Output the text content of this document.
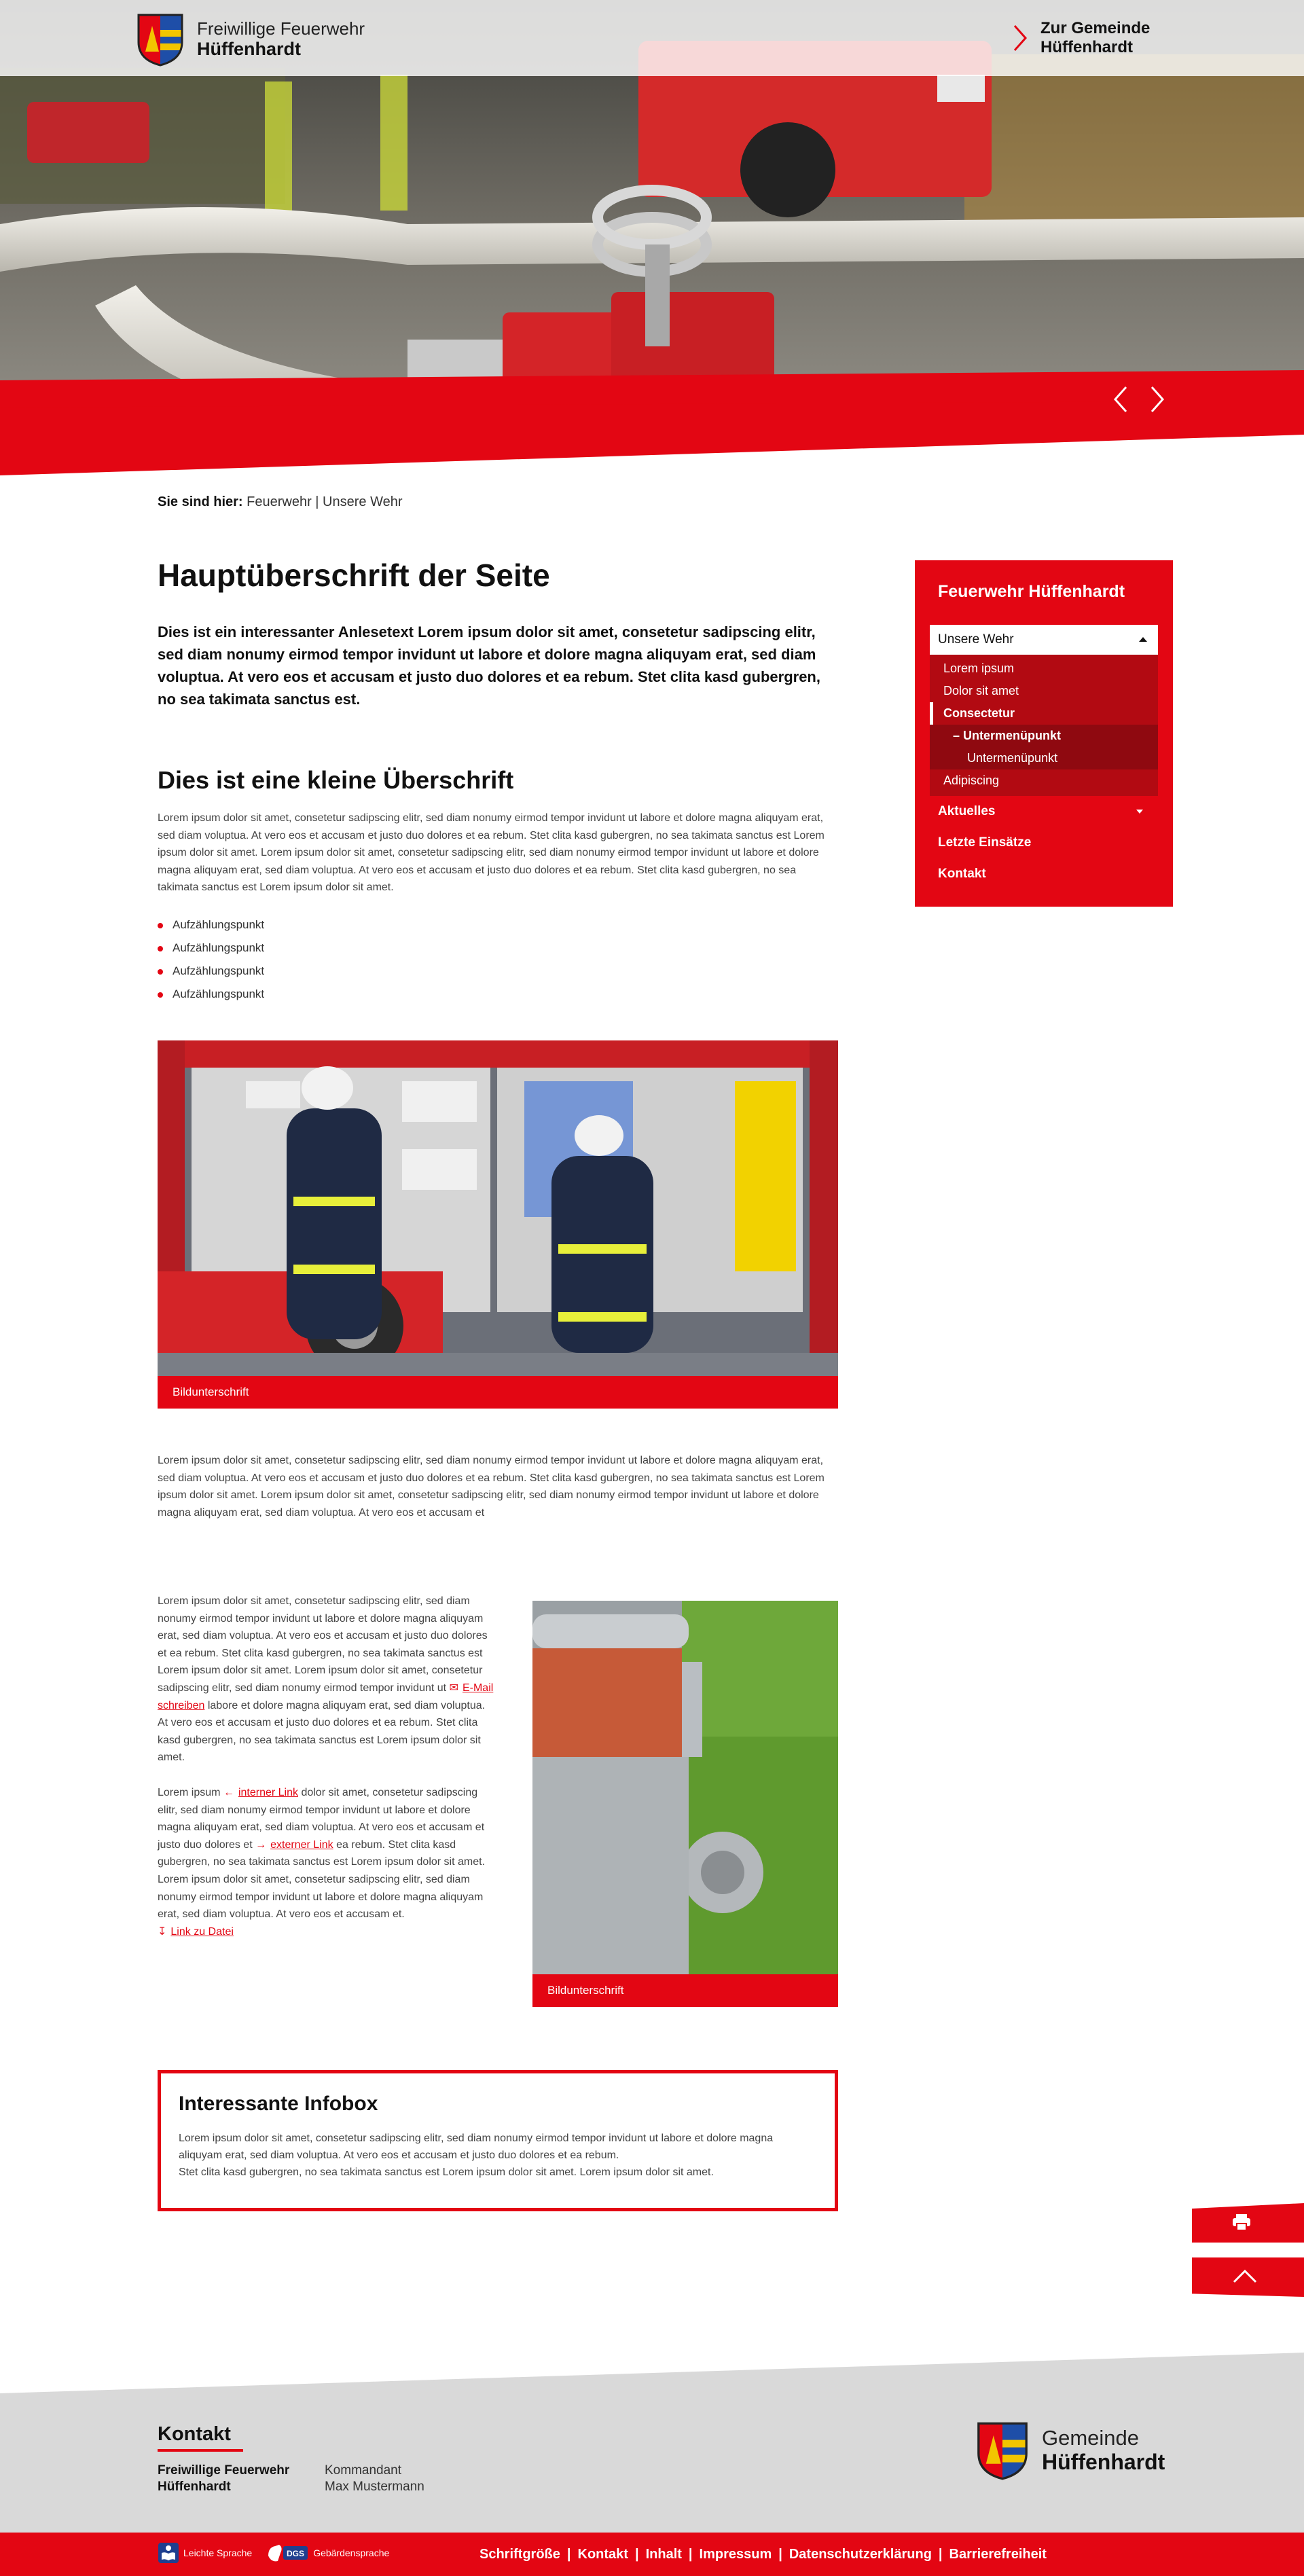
Freiwillige Feuerwehr
Hüffenhardt
Zur Gemeinde
Hüffenhardt
Sie sind hier: Feuerwehr | Unsere Wehr
Hauptüberschrift der Seite

Dies ist ein interessanter Anlesetext Lorem ipsum dolor sit amet, consetetur sadipscing elitr, sed diam nonumy eirmod tempor invidunt ut labore et dolore magna aliquyam erat, sed diam voluptua. At vero eos et accusam et justo duo dolores et ea rebum. Stet clita kasd gubergren, no sea takimata sanctus est.

Dies ist eine kleine Überschrift

Lorem ipsum dolor sit amet, consetetur sadipscing elitr, sed diam nonumy eirmod tempor invidunt ut labore et dolore magna aliquyam erat, sed diam voluptua. At vero eos et accusam et justo duo dolores et ea rebum. Stet clita kasd gubergren, no sea takimata sanctus est Lorem ipsum dolor sit amet. Lorem ipsum dolor sit amet, consetetur sadipscing elitr, sed diam nonumy eirmod tempor invidunt ut labore et dolore magna aliquyam erat, sed diam voluptua. At vero eos et accusam et justo duo dolores et ea rebum. Stet clita kasd gubergren, no sea takimata sanctus est Lorem ipsum dolor sit amet.

Aufzählungspunkt
Aufzählungspunkt
Aufzählungspunkt
Aufzählungspunkt
Bildunterschrift

Lorem ipsum dolor sit amet, consetetur sadipscing elitr, sed diam nonumy eirmod tempor invidunt ut labore et dolore magna aliquyam erat, sed diam voluptua. At vero eos et accusam et justo duo dolores et ea rebum. Stet clita kasd gubergren, no sea takimata sanctus est Lorem ipsum dolor sit amet. Lorem ipsum dolor sit amet, consetetur sadipscing elitr, sed diam nonumy eirmod tempor invidunt ut labore et dolore magna aliquyam erat, sed diam voluptua. At vero eos et accusam et

Lorem ipsum dolor sit amet, consetetur sadipscing elitr, sed diam nonumy eirmod tempor invidunt ut labore et dolore magna aliquyam erat, sed diam voluptua. At vero eos et accusam et justo duo dolores et ea rebum. Stet clita kasd gubergren, no sea takimata sanctus est Lorem ipsum dolor sit amet. Lorem ipsum dolor sit amet, consetetur sadipscing elitr, sed diam nonumy eirmod tempor invidunt ut ✉ E-Mail schreiben labore et dolore magna aliquyam erat, sed diam voluptua. At vero eos et accusam et justo duo dolores et ea rebum. Stet clita kasd gubergren, no sea takimata sanctus est Lorem ipsum dolor sit amet.

Lorem ipsum ← interner Link dolor sit amet, consetetur sadipscing elitr, sed diam nonumy eirmod tempor invidunt ut labore et dolore magna aliquyam erat, sed diam voluptua. At vero eos et accusam et justo duo dolores et → externer Link ea rebum. Stet clita kasd gubergren, no sea takimata sanctus est Lorem ipsum dolor sit amet. Lorem ipsum dolor sit amet, consetetur sadipscing elitr, sed diam nonumy eirmod tempor invidunt ut labore et dolore magna aliquyam erat, sed diam voluptua. At vero eos et accusam et.
↧ Link zu Datei

Bildunterschrift
Interessante Infobox
Lorem ipsum dolor sit amet, consetetur sadipscing elitr, sed diam nonumy eirmod tempor invidunt ut labore et dolore magna aliquyam erat, sed diam voluptua. At vero eos et accusam et justo duo dolores et ea rebum.
Stet clita kasd gubergren, no sea takimata sanctus est Lorem ipsum dolor sit amet. Lorem ipsum dolor sit amet.
Feuerwehr Hüffenhardt
Unsere Wehr
Lorem ipsum
Dolor sit amet
Consectetur
– Untermenüpunkt
Untermenüpunkt
Adipiscing
Aktuelles
Letzte Einsätze
Kontakt
Kontakt
Freiwillige Feuerwehr
Hüffenhardt
Kommandant
Max Mustermann
Gemeinde
Hüffenhardt
Leichte Sprache	DGS Gebärdensprache	Schriftgröße | Kontakt | Inhalt | Impressum | Datenschutzerklärung | Barrierefreiheit
